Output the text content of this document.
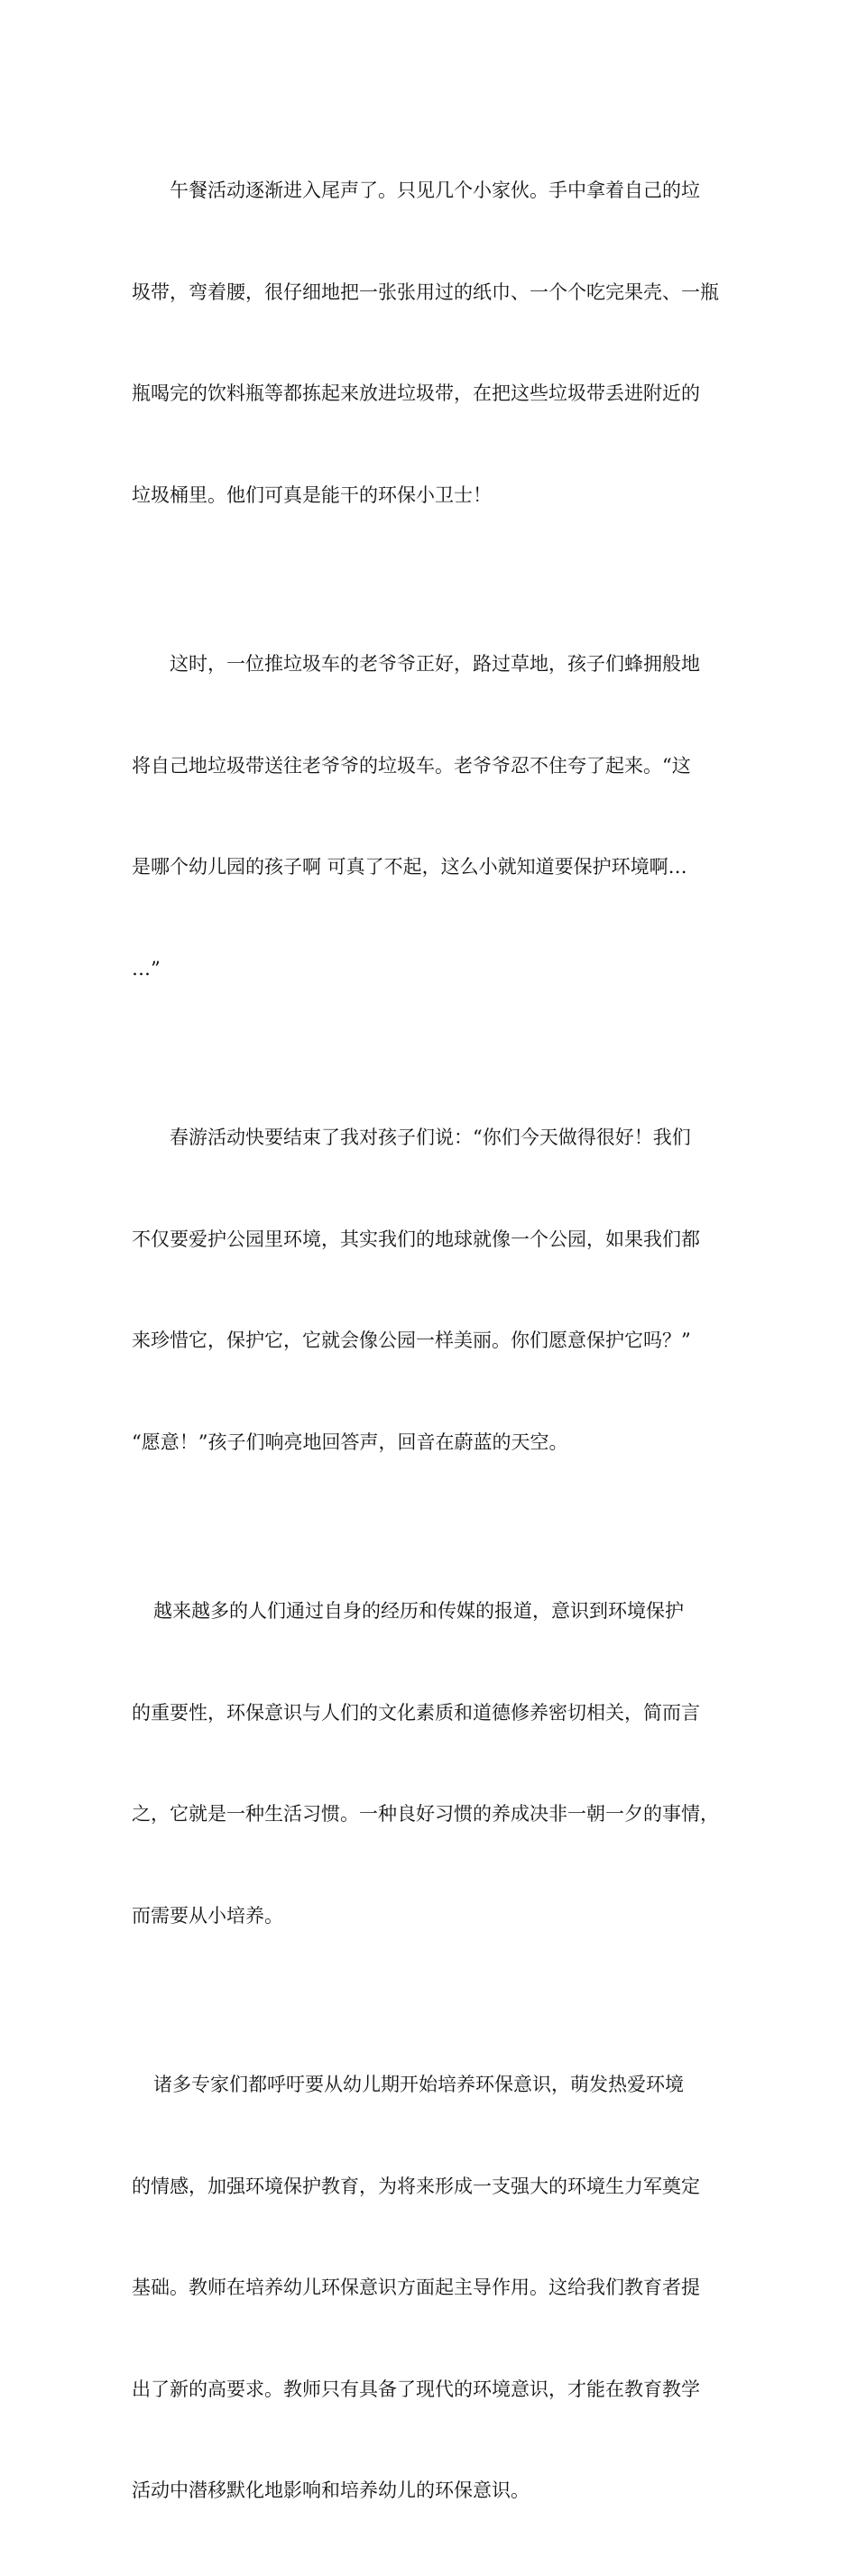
午餐活动逐渐进入尾声了。只见几个小家伙。手中拿着自己的垃

圾带，弯着腰，很仔细地把一张张用过的纸巾、一个个吃完果壳、一瓶

瓶喝完的饮料瓶等都拣起来放进垃圾带，在把这些垃圾带丢进附近的

垃圾桶里。他们可真是能干的环保小卫士！

这时，一位推垃圾车的老爷爷正好，路过草地，孩子们蜂拥般地

将自己地垃圾带送往老爷爷的垃圾车。老爷爷忍不住夸了起来。“这

是哪个幼儿园的孩子啊 可真了不起，这么小就知道要保护环境啊…

…”

春游活动快要结束了我对孩子们说：“你们今天做得很好！我们

不仅要爱护公园里环境，其实我们的地球就像一个公园，如果我们都

来珍惜它，保护它，它就会像公园一样美丽。你们愿意保护它吗？”

“愿意！”孩子们响亮地回答声，回音在蔚蓝的天空。

越来越多的人们通过自身的经历和传媒的报道，意识到环境保护

的重要性，环保意识与人们的文化素质和道德修养密切相关，简而言

之，它就是一种生活习惯。一种良好习惯的养成决非一朝一夕的事情，

而需要从小培养。

诸多专家们都呼吁要从幼儿期开始培养环保意识，萌发热爱环境

的情感，加强环境保护教育，为将来形成一支强大的环境生力军奠定

基础。教师在培养幼儿环保意识方面起主导作用。这给我们教育者提

出了新的高要求。教师只有具备了现代的环境意识，才能在教育教学

活动中潜移默化地影响和培养幼儿的环保意识。
